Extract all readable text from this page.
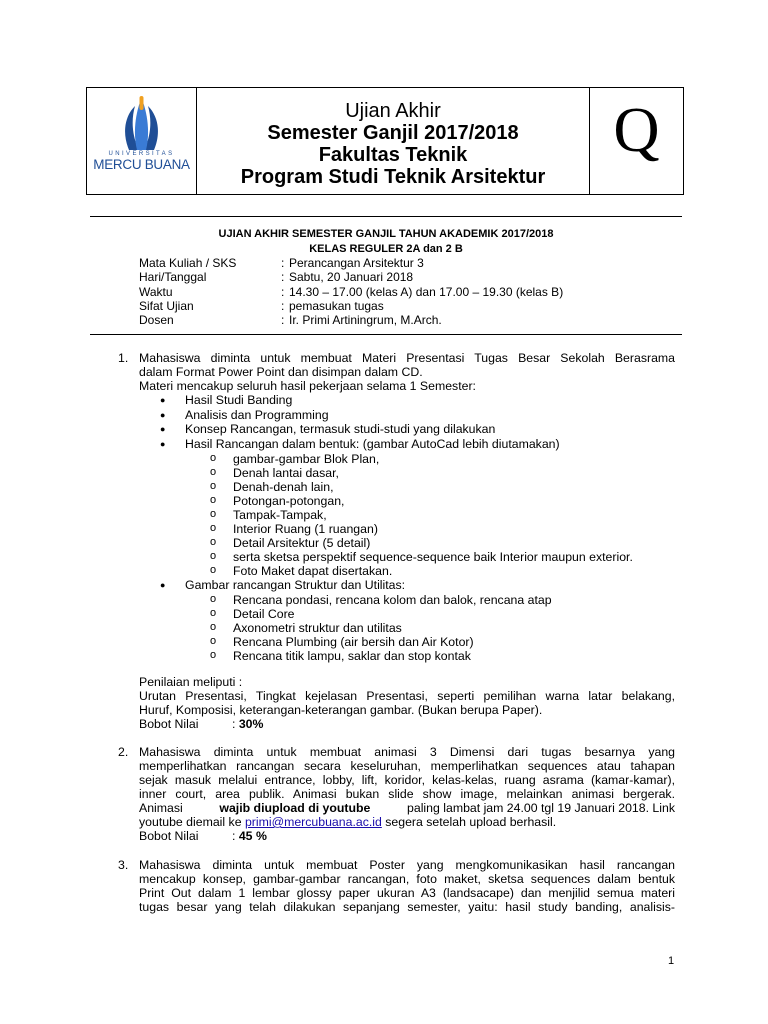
UNIVERSITAS
MERCU BUANA
Ujian Akhir
Semester Ganjil 2017/2018
Fakultas Teknik
Program Studi Teknik Arsitektur
Q
UJIAN AKHIR SEMESTER GANJIL TAHUN AKADEMIK 2017/2018
KELAS REGULER 2A dan 2 B
Mata Kuliah / SKS	: Perancangan Arsitektur 3
Hari/Tanggal	: Sabtu, 20 Januari 2018
Waktu	: 14.30 – 17.00 (kelas A) dan 17.00 – 19.30 (kelas B)
Sifat Ujian	: pemasukan tugas
Dosen	: Ir. Primi Artiningrum, M.Arch.
1. Mahasiswa diminta untuk membuat Materi Presentasi Tugas Besar Sekolah Berasrama
dalam Format Power Point dan disimpan dalam CD.
Materi mencakup seluruh hasil pekerjaan selama 1 Semester:
● Hasil Studi Banding
● Analisis dan Programming
● Konsep Rancangan, termasuk studi-studi yang dilakukan
● Hasil Rancangan dalam bentuk: (gambar AutoCad lebih diutamakan)
o gambar-gambar Blok Plan,
o Denah lantai dasar,
o Denah-denah lain,
o Potongan-potongan,
o Tampak-Tampak,
o Interior Ruang (1 ruangan)
o Detail Arsitektur (5 detail)
o serta sketsa perspektif sequence-sequence baik Interior maupun exterior.
o Foto Maket dapat disertakan.
● Gambar rancangan Struktur dan Utilitas:
o Rencana pondasi, rencana kolom dan balok, rencana atap
o Detail Core
o Axonometri struktur dan utilitas
o Rencana Plumbing (air bersih dan Air Kotor)
o Rencana titik lampu, saklar dan stop kontak
Penilaian meliputi :
Urutan Presentasi, Tingkat kejelasan Presentasi, seperti pemilihan warna latar belakang,
Huruf, Komposisi, keterangan-keterangan gambar. (Bukan berupa Paper).
Bobot Nilai	: 30%
2. Mahasiswa diminta untuk membuat animasi 3 Dimensi dari tugas besarnya yang
memperlihatkan rancangan secara keseluruhan, memperlihatkan sequences atau tahapan
sejak masuk melalui entrance, lobby, lift, koridor, kelas-kelas, ruang asrama (kamar-kamar),
inner court, area publik. Animasi bukan slide show image, melainkan animasi bergerak.
Animasi	wajib diupload di youtube	paling lambat jam 24.00 tgl 19 Januari 2018. Link
youtube diemail ke primi@mercubuana.ac.id segera setelah upload berhasil.
Bobot Nilai	: 45 %
3. Mahasiswa diminta untuk membuat Poster yang mengkomunikasikan hasil rancangan
mencakup konsep, gambar-gambar rancangan, foto maket, sketsa sequences dalam bentuk
Print Out dalam 1 lembar glossy paper ukuran A3 (landsacape) dan menjilid semua materi
tugas besar yang telah dilakukan sepanjang semester, yaitu: hasil study banding, analisis-
1
